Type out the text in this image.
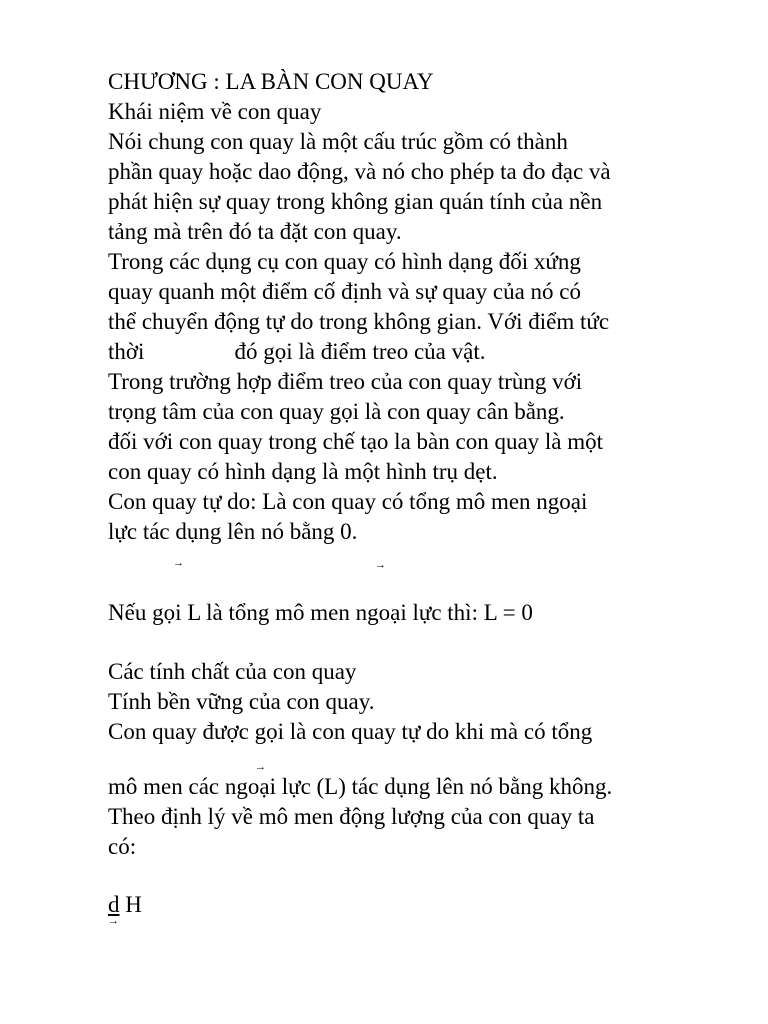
CHƯƠNG : LA BÀN CON QUAY
Khái niệm về con quay
Nói chung con quay là một cấu trúc gồm có thành
phần quay hoặc dao động, và nó cho phép ta đo đạc và
phát hiện sự quay trong không gian quán tính của nền
tảng mà trên đó ta đặt con quay.
Trong các dụng cụ con quay có hình dạng đối xứng
quay quanh một điểm cố định và sự quay của nó có
thể chuyển động tự do trong không gian. Với điểm tức
thời	đó gọi là điểm treo của vật.
Trong trường hợp điểm treo của con quay trùng với
trọng tâm của con quay gọi là con quay cân bằng.
đối với con quay trong chế tạo la bàn con quay là một
con quay có hình dạng là một hình trụ dẹt.
Con quay tự do: Là con quay có tổng mô men ngoại
lực tác dụng lên nó bằng 0.
→	→
Nếu gọi L là tổng mô men ngoại lực thì: L = 0
Các tính chất của con quay
Tính bền vững của con quay.
Con quay được gọi là con quay tự do khi mà có tổng
→
mô men các ngoại lực (L) tác dụng lên nó bằng không.
Theo định lý về mô men động lượng của con quay ta
có:
d H
→
